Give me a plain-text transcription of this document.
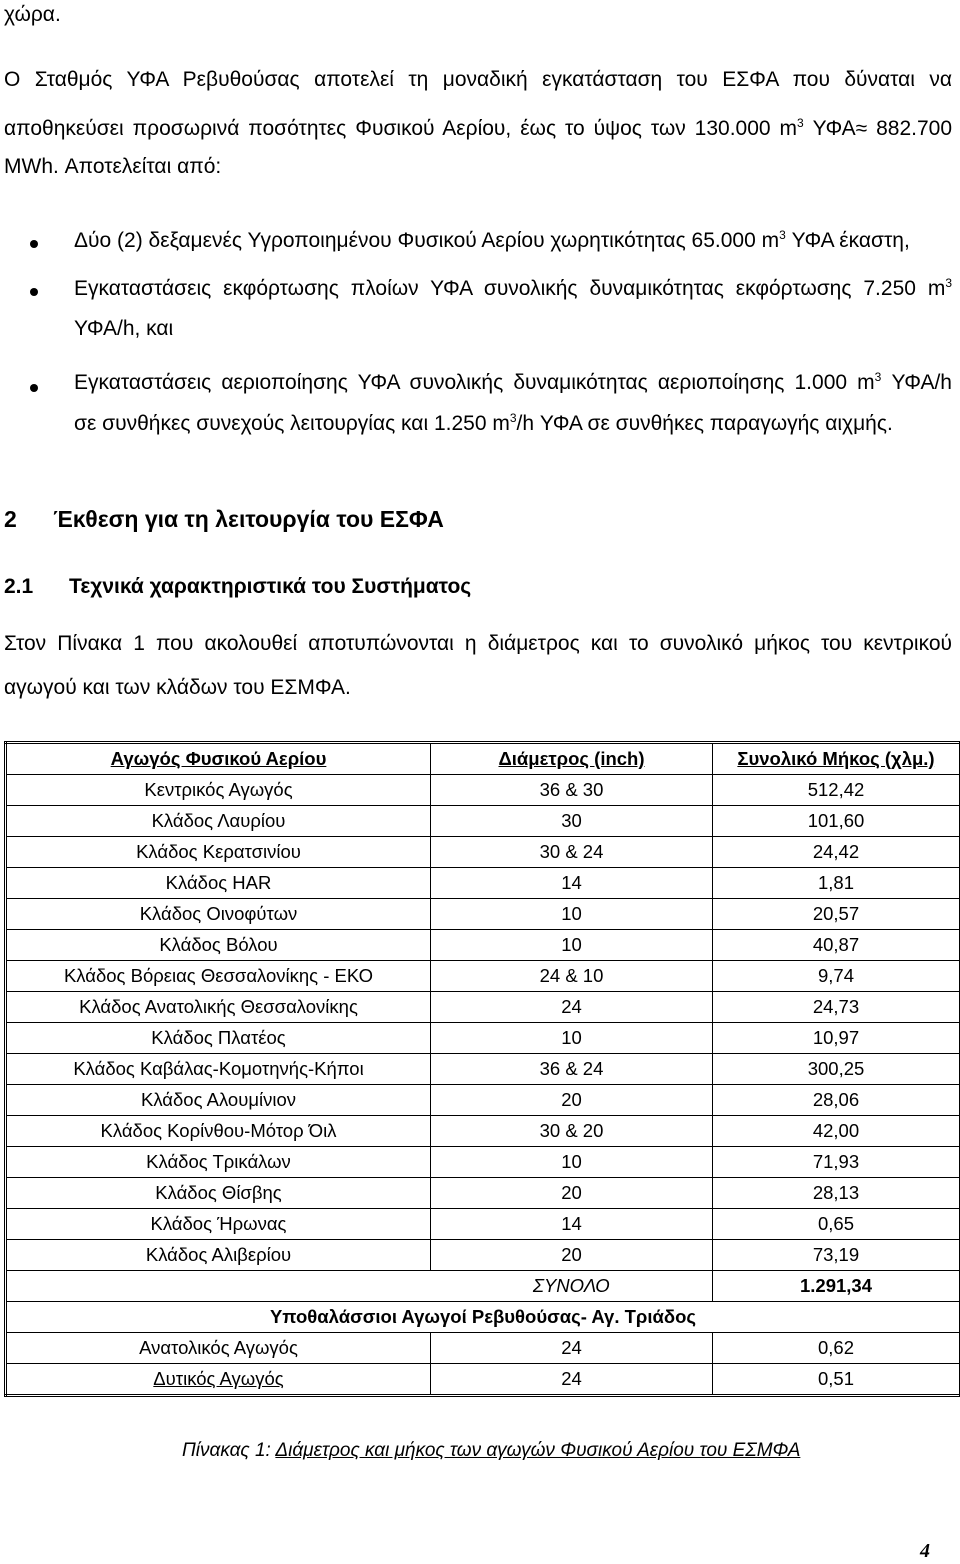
χώρα.
Ο Σταθμός ΥΦΑ Ρεβυθούσας αποτελεί τη μοναδική εγκατάσταση του ΕΣΦΑ που δύναται να
αποθηκεύσει προσωρινά ποσότητες Φυσικού Αερίου, έως το ύψος των 130.000 $m^3$ ΥΦΑ≈ 882.700
MWh. Αποτελείται από:
Δύο (2) δεξαμενές Υγροποιημένου Φυσικού Αερίου χωρητικότητας 65.000 $m^3$ ΥΦΑ έκαστη,
Εγκαταστάσεις εκφόρτωσης πλοίων ΥΦΑ συνολικής δυναμικότητας εκφόρτωσης 7.250 $m^3$
ΥΦΑ/h, και
Εγκαταστάσεις αεριοποίησης ΥΦΑ συνολικής δυναμικότητας αεριοποίησης 1.000 $m^3$ ΥΦΑ/h
σε συνθήκες συνεχούς λειτουργίας και 1.250 $m^3/h$ ΥΦΑ σε συνθήκες παραγωγής αιχμής.
2 Έκθεση για τη λειτουργία του ΕΣΦΑ
2.1 Τεχνικά χαρακτηριστικά του Συστήματος
Στον Πίνακα 1 που ακολουθεί αποτυπώνονται η διάμετρος και το συνολικό μήκος του κεντρικού
αγωγού και των κλάδων του ΕΣΜΦΑ.
Αγωγός Φυσικού Αερίου	Διάμετρος (inch)	Συνολικό Μήκος (χλμ.)
Κεντρικός Αγωγός	36 & 30	512,42
Κλάδος Λαυρίου	30	101,60
Κλάδος Κερατσινίου	30 & 24	24,42
Κλάδος HAR	14	1,81
Κλάδος Οινοφύτων	10	20,57
Κλάδος Βόλου	10	40,87
Κλάδος Βόρειας Θεσσαλονίκης - ΕΚΟ	24 & 10	9,74
Κλάδος Ανατολικής Θεσσαλονίκης	24	24,73
Κλάδος Πλατέος	10	10,97
Κλάδος Καβάλας-Κομοτηνής-Κήποι	36 & 24	300,25
Κλάδος Αλουμίνιον	20	28,06
Κλάδος Κορίνθου-Μότορ Όιλ	30 & 20	42,00
Κλάδος Τρικάλων	10	71,93
Κλάδος Θίσβης	20	28,13
Κλάδος Ήρωνας	14	0,65
Κλάδος Αλιβερίου	20	73,19
	ΣΥΝΟΛΟ	1.291,34
Υποθαλάσσιοι Αγωγοί Ρεβυθούσας- Αγ. Τριάδος		
Ανατολικός Αγωγός	24	0,62
Δυτικός Αγωγός	24	0,51
Πίνακας 1: Διάμετρος και μήκος των αγωγών Φυσικού Αερίου του ΕΣΜΦΑ
4
